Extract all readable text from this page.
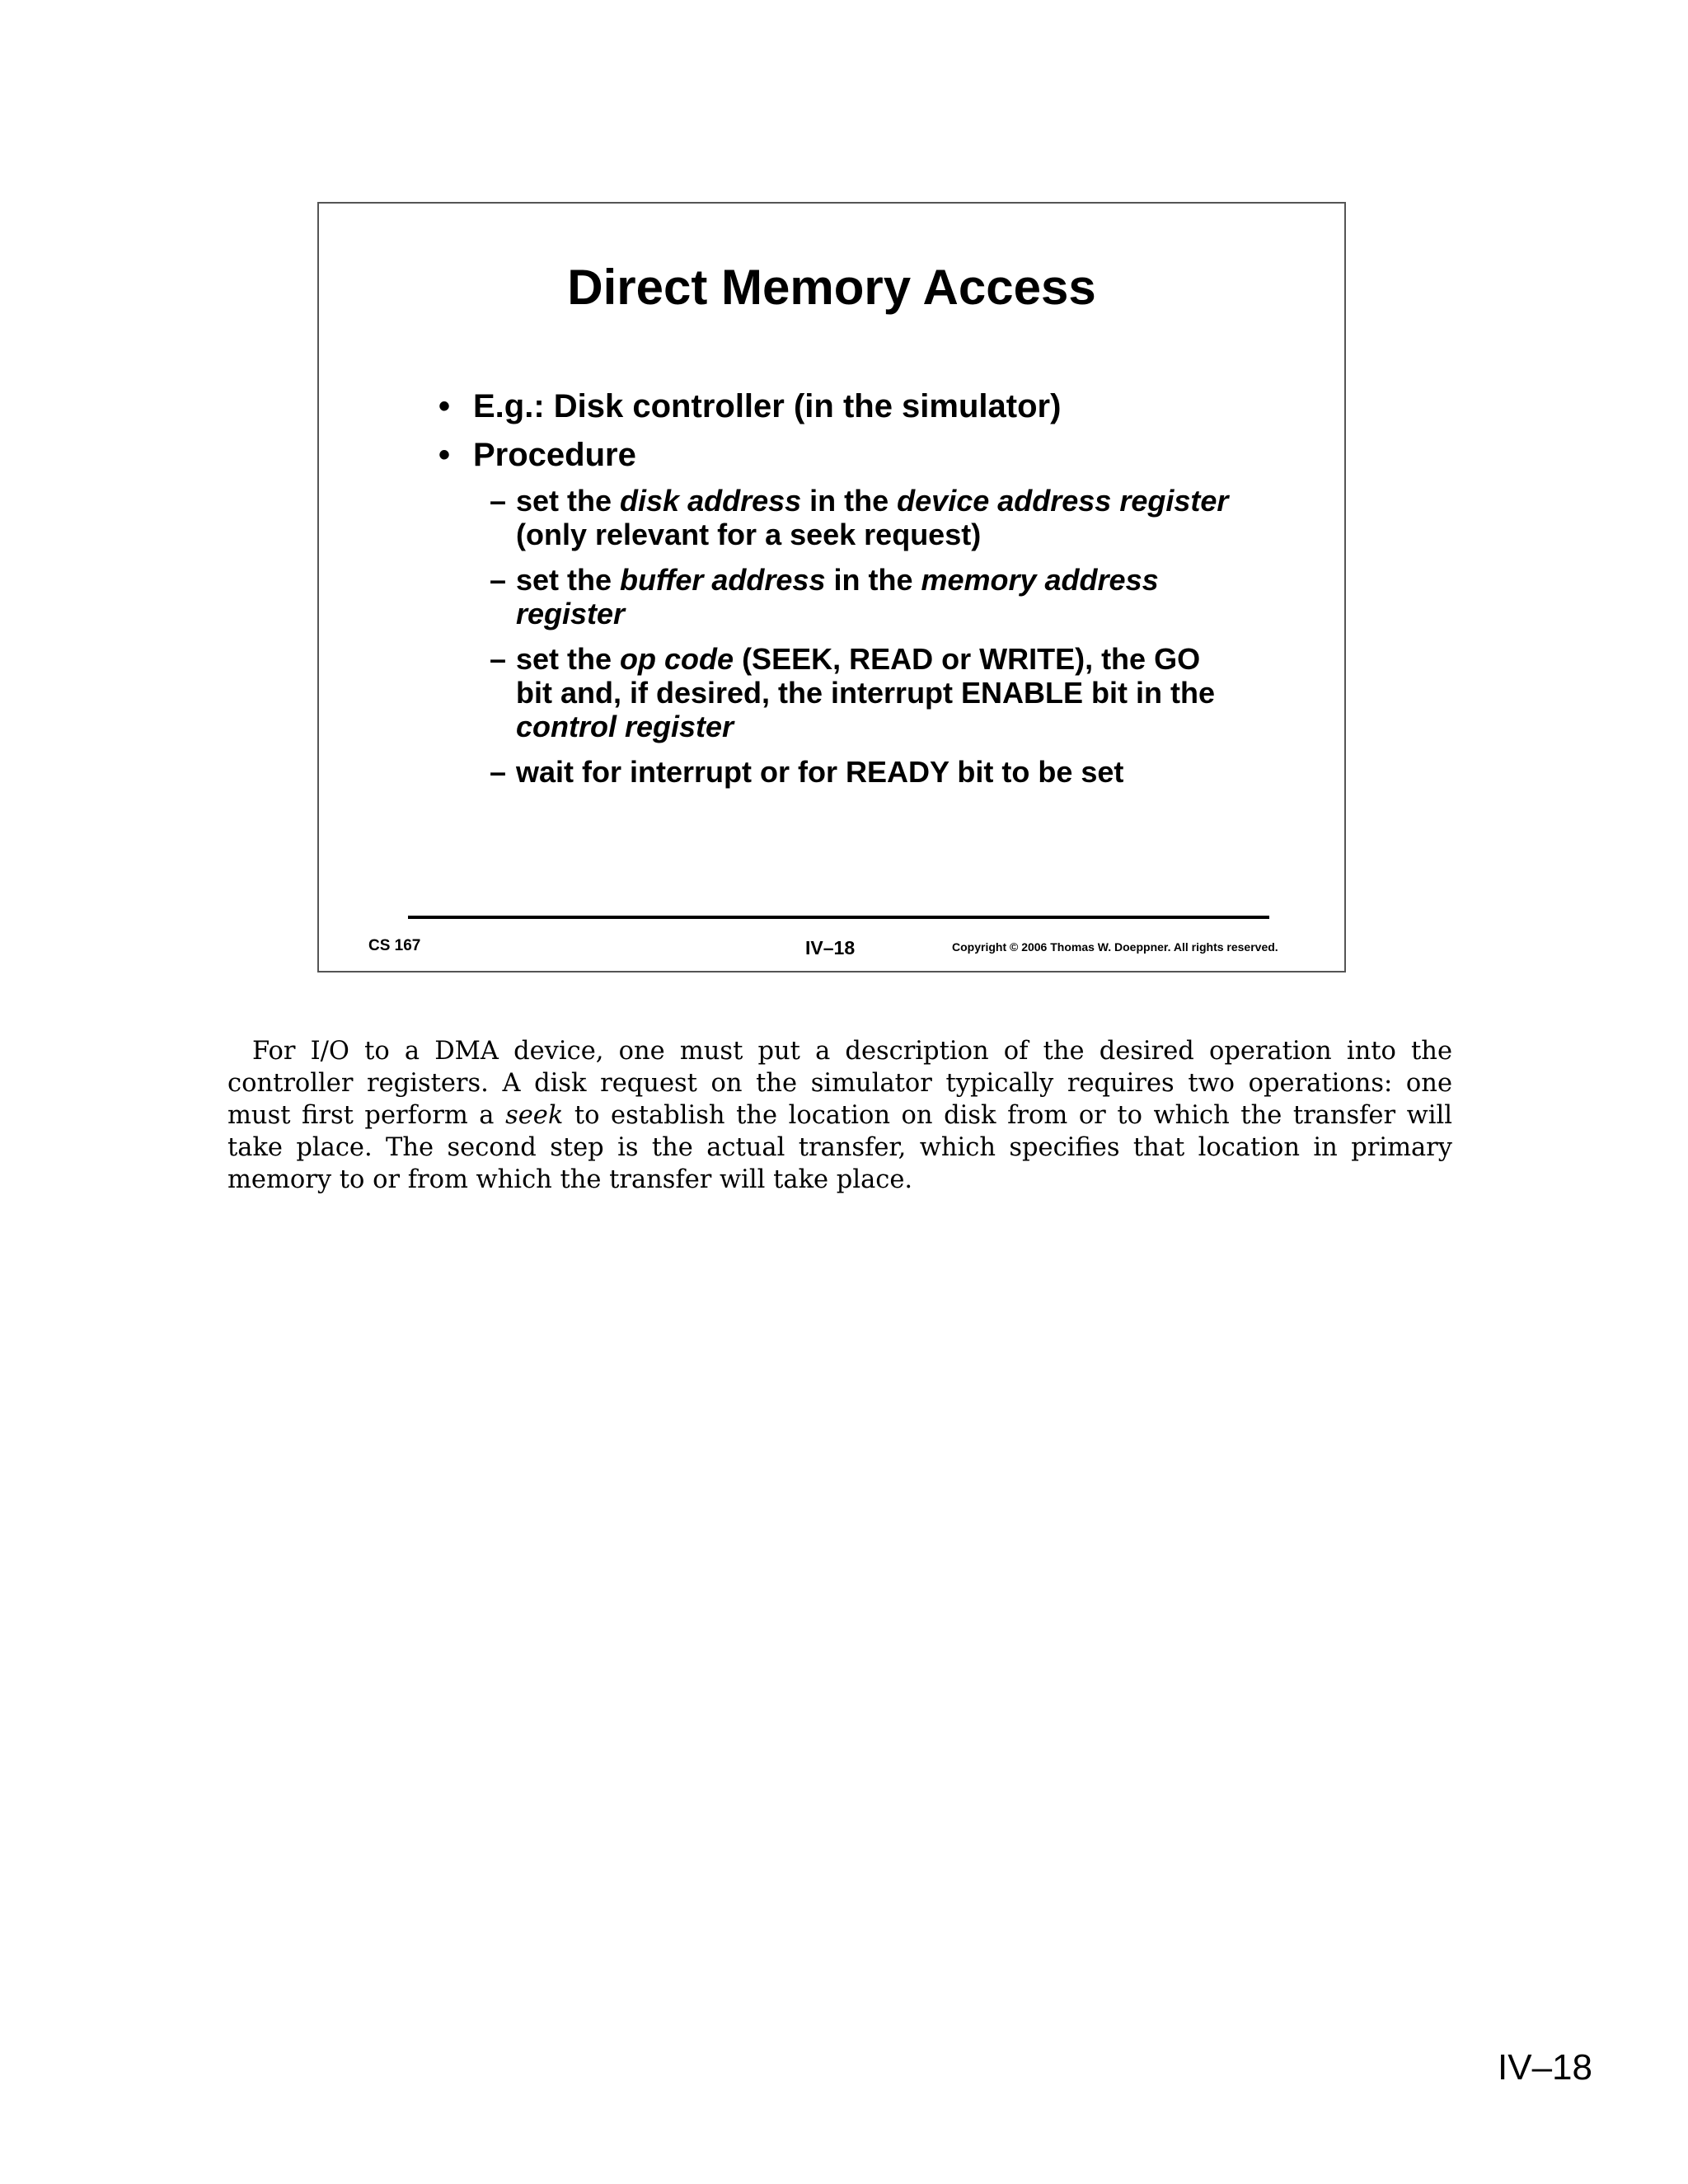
Direct Memory Access
• E.g.: Disk controller (in the simulator)
• Procedure
– set the disk address in the device address register (only relevant for a seek request)
– set the buffer address in the memory address register
– set the op code (SEEK, READ or WRITE), the GO bit and, if desired, the interrupt ENABLE bit in the control register
– wait for interrupt or for READY bit to be set
CS 167	IV–18	Copyright © 2006 Thomas W. Doeppner. All rights reserved.

For I/O to a DMA device, one must put a description of the desired operation into the controller registers. A disk request on the simulator typically requires two operations: one must first perform a seek to establish the location on disk from or to which the transfer will take place. The second step is the actual transfer, which specifies that location in primary memory to or from which the transfer will take place.

IV–18
